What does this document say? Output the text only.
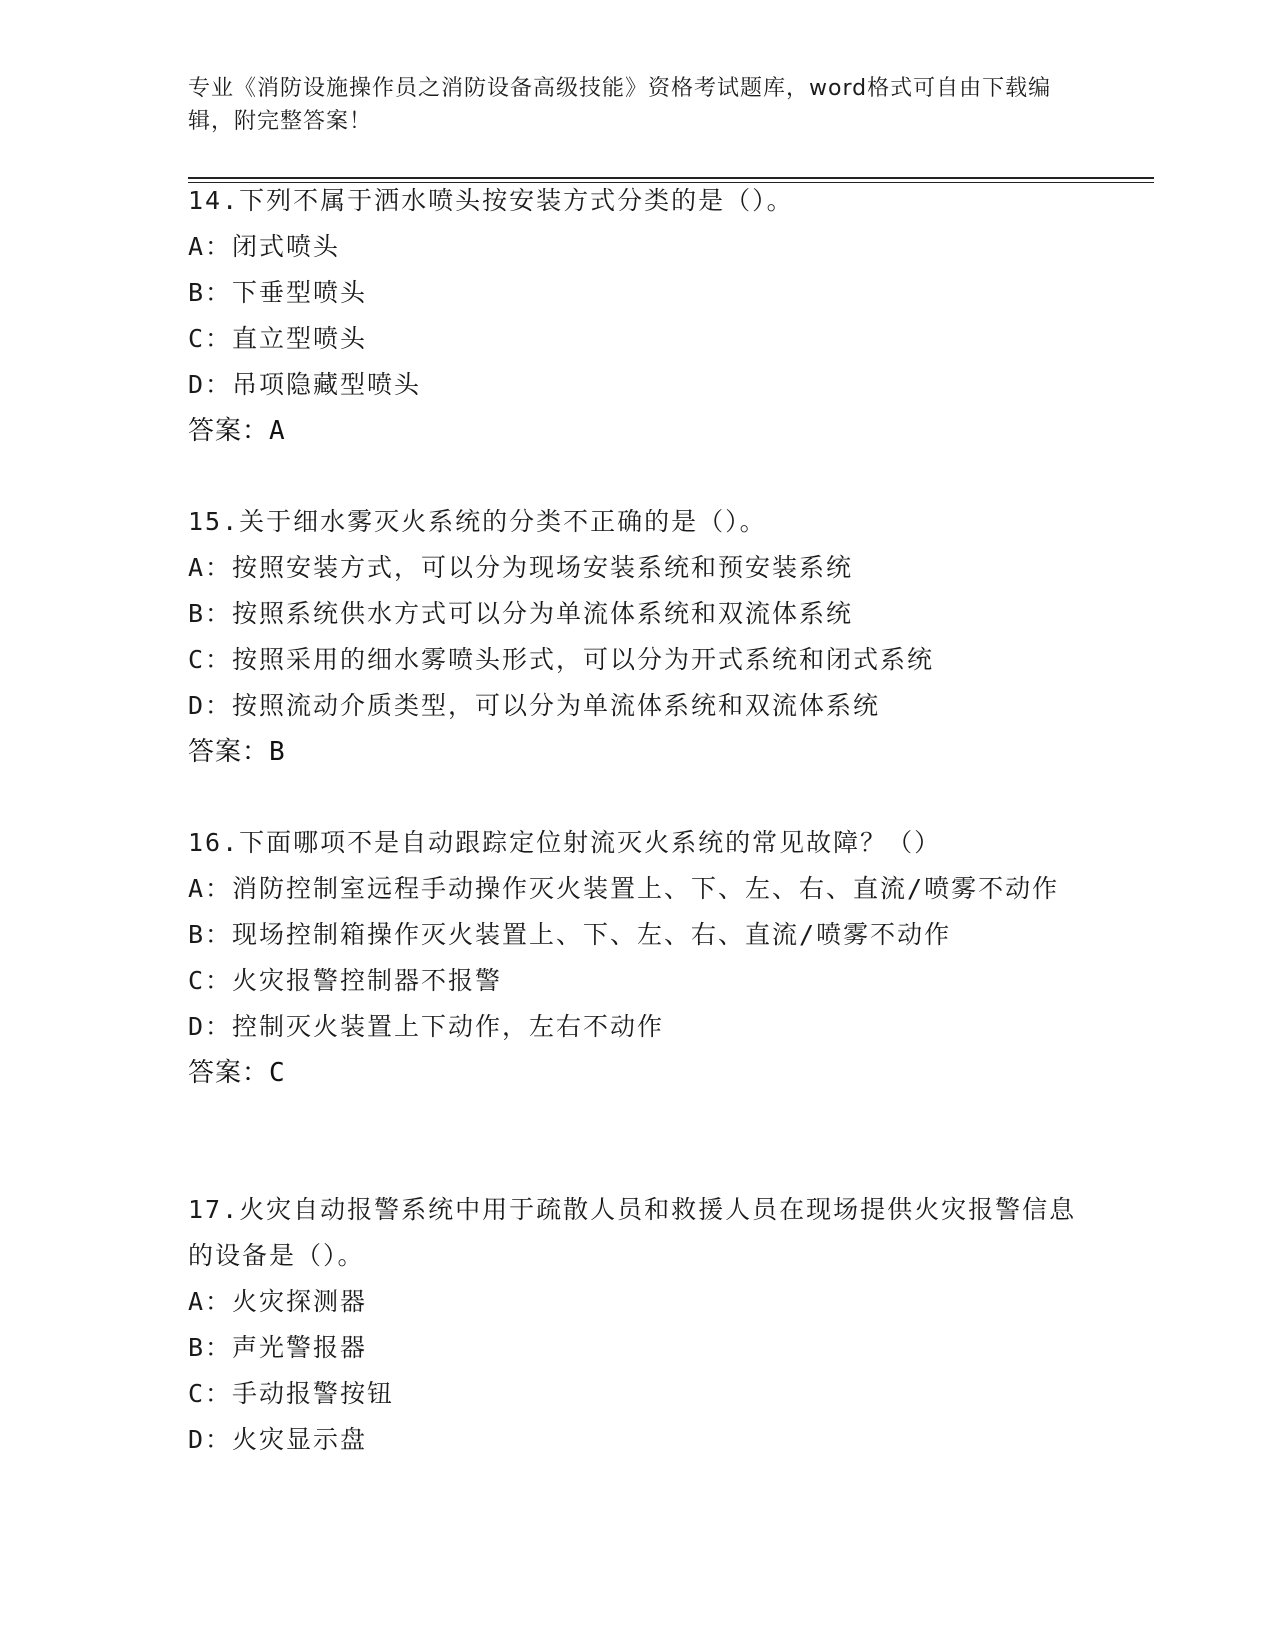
专业《消防设施操作员之消防设备高级技能》资格考试题库，word格式可自由下载编辑，附完整答案！
14.下列不属于洒水喷头按安装方式分类的是（）。
A：闭式喷头
B：下垂型喷头
C：直立型喷头
D：吊项隐藏型喷头
答案：A
15.关于细水雾灭火系统的分类不正确的是（）。
A：按照安装方式，可以分为现场安装系统和预安装系统
B：按照系统供水方式可以分为单流体系统和双流体系统
C：按照采用的细水雾喷头形式，可以分为开式系统和闭式系统
D：按照流动介质类型，可以分为单流体系统和双流体系统
答案：B
16.下面哪项不是自动跟踪定位射流灭火系统的常见故障？（）
A：消防控制室远程手动操作灭火装置上、下、左、右、直流/喷雾不动作
B：现场控制箱操作灭火装置上、下、左、右、直流/喷雾不动作
C：火灾报警控制器不报警
D：控制灭火装置上下动作，左右不动作
答案：C
17.火灾自动报警系统中用于疏散人员和救援人员在现场提供火灾报警信息的设备是（）。
A：火灾探测器
B：声光警报器
C：手动报警按钮
D：火灾显示盘
